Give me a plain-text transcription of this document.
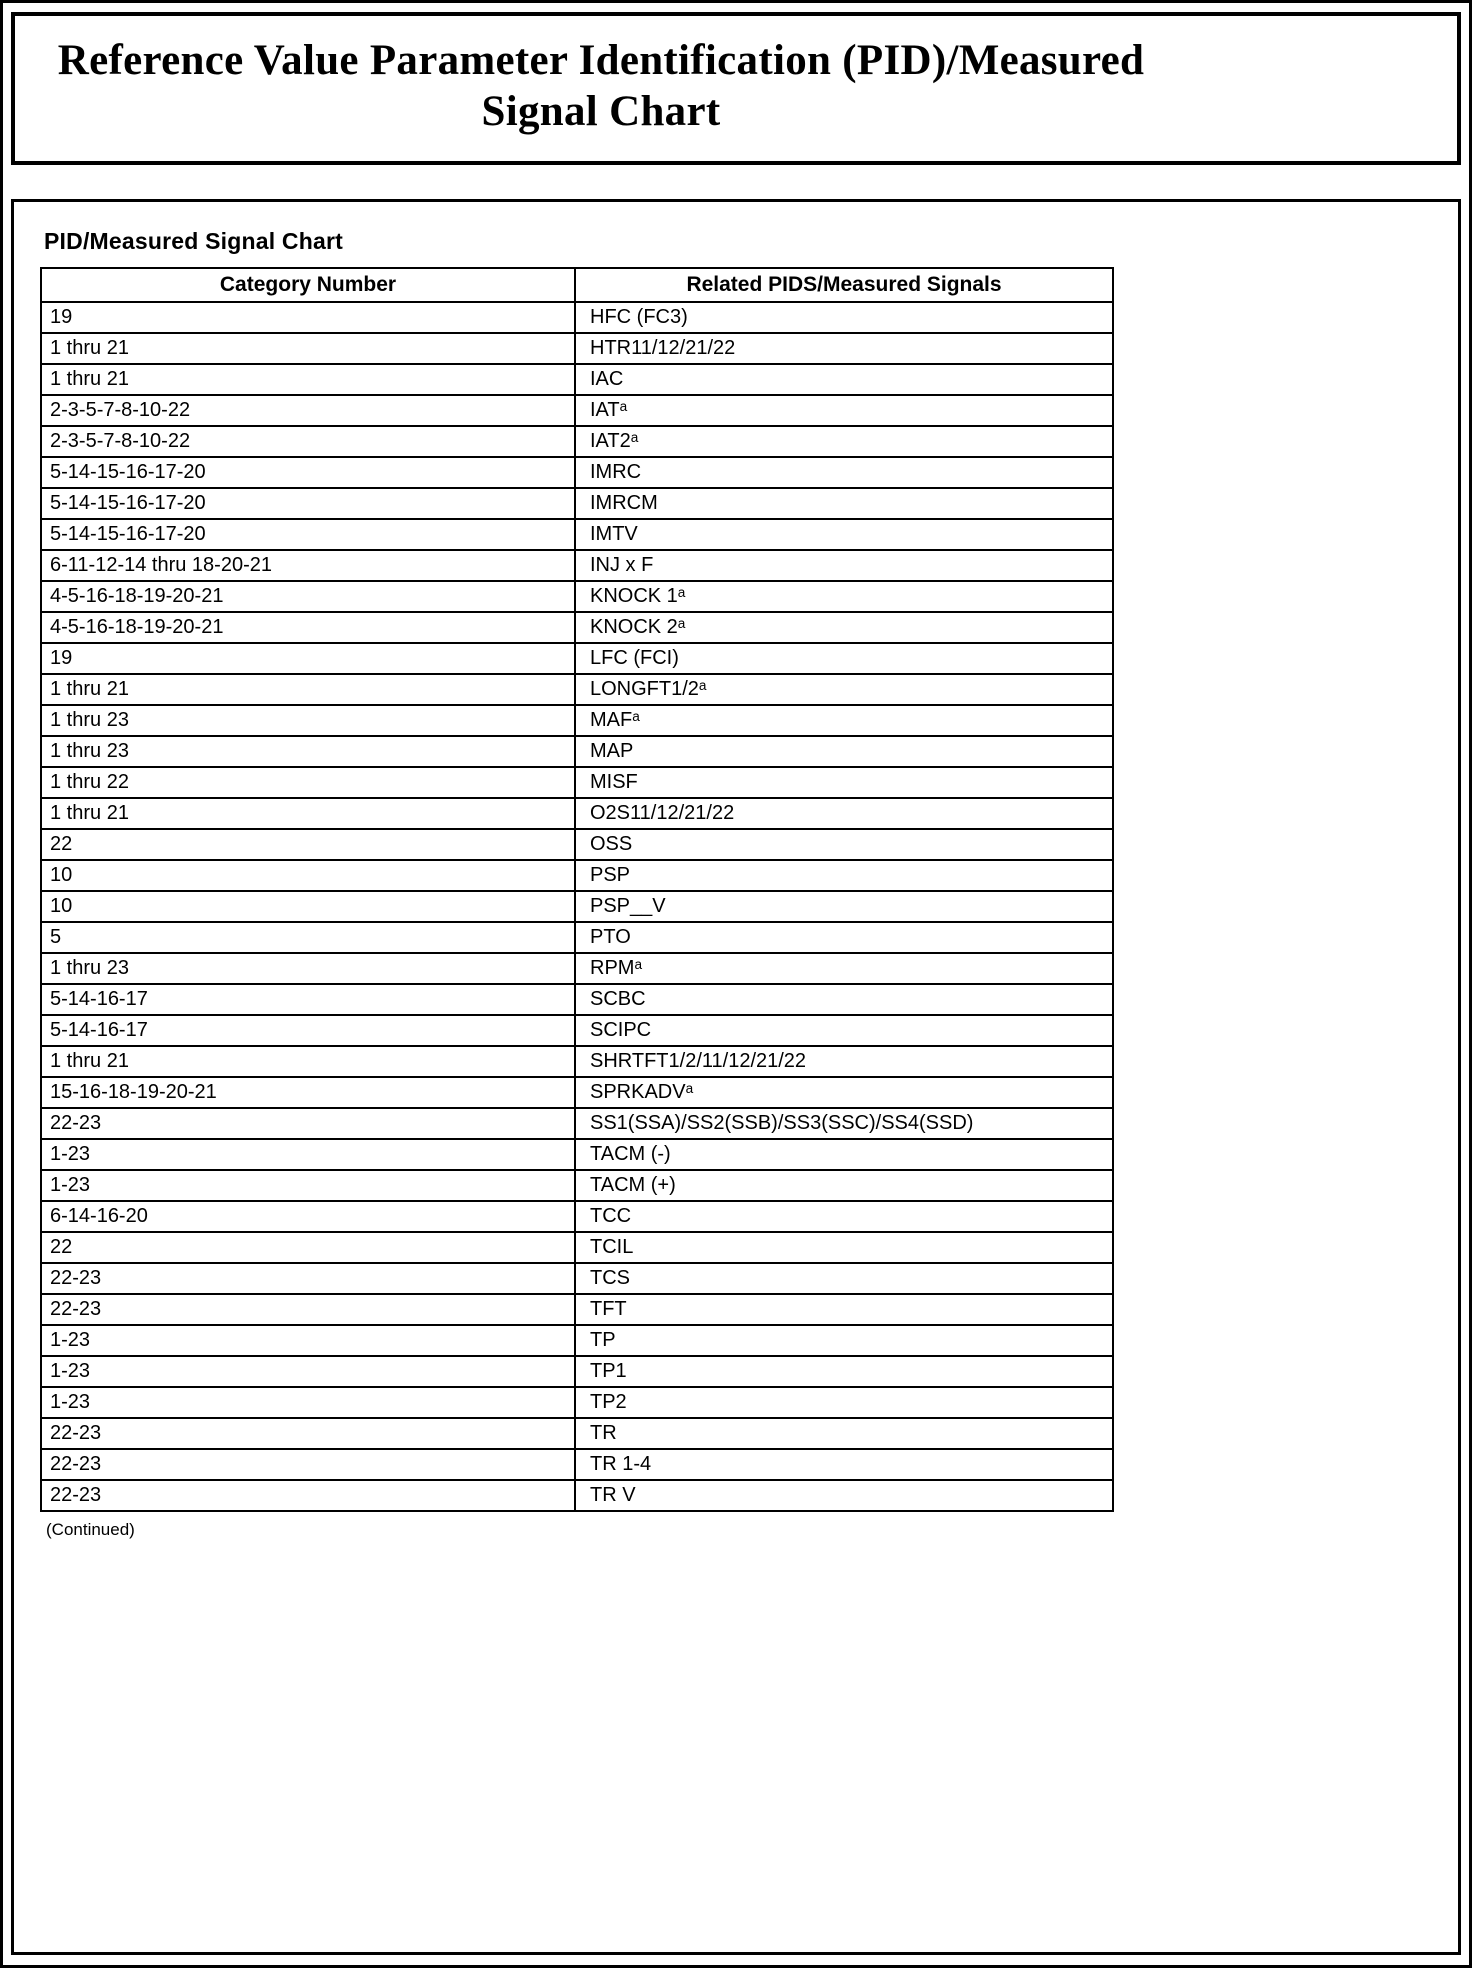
Reference Value Parameter Identification (PID)/Measured
Signal Chart
PID/Measured Signal Chart
Category Number	Related PIDS/Measured Signals
19	HFC (FC3)
1 thru 21	HTR11/12/21/22
1 thru 21	IAC
2-3-5-7-8-10-22	IATᵃ
2-3-5-7-8-10-22	IAT2ᵃ
5-14-15-16-17-20	IMRC
5-14-15-16-17-20	IMRCM
5-14-15-16-17-20	IMTV
6-11-12-14 thru 18-20-21	INJ x F
4-5-16-18-19-20-21	KNOCK 1ᵃ
4-5-16-18-19-20-21	KNOCK 2ᵃ
19	LFC (FCI)
1 thru 21	LONGFT1/2ᵃ
1 thru 23	MAFᵃ
1 thru 23	MAP
1 thru 22	MISF
1 thru 21	O2S11/12/21/22
22	OSS
10	PSP
10	PSP__V
5	PTO
1 thru 23	RPMᵃ
5-14-16-17	SCBC
5-14-16-17	SCIPC
1 thru 21	SHRTFT1/2/11/12/21/22
15-16-18-19-20-21	SPRKADVᵃ
22-23	SS1(SSA)/SS2(SSB)/SS3(SSC)/SS4(SSD)
1-23	TACM (-)
1-23	TACM (+)
6-14-16-20	TCC
22	TCIL
22-23	TCS
22-23	TFT
1-23	TP
1-23	TP1
1-23	TP2
22-23	TR
22-23	TR 1-4
22-23	TR V
(Continued)
